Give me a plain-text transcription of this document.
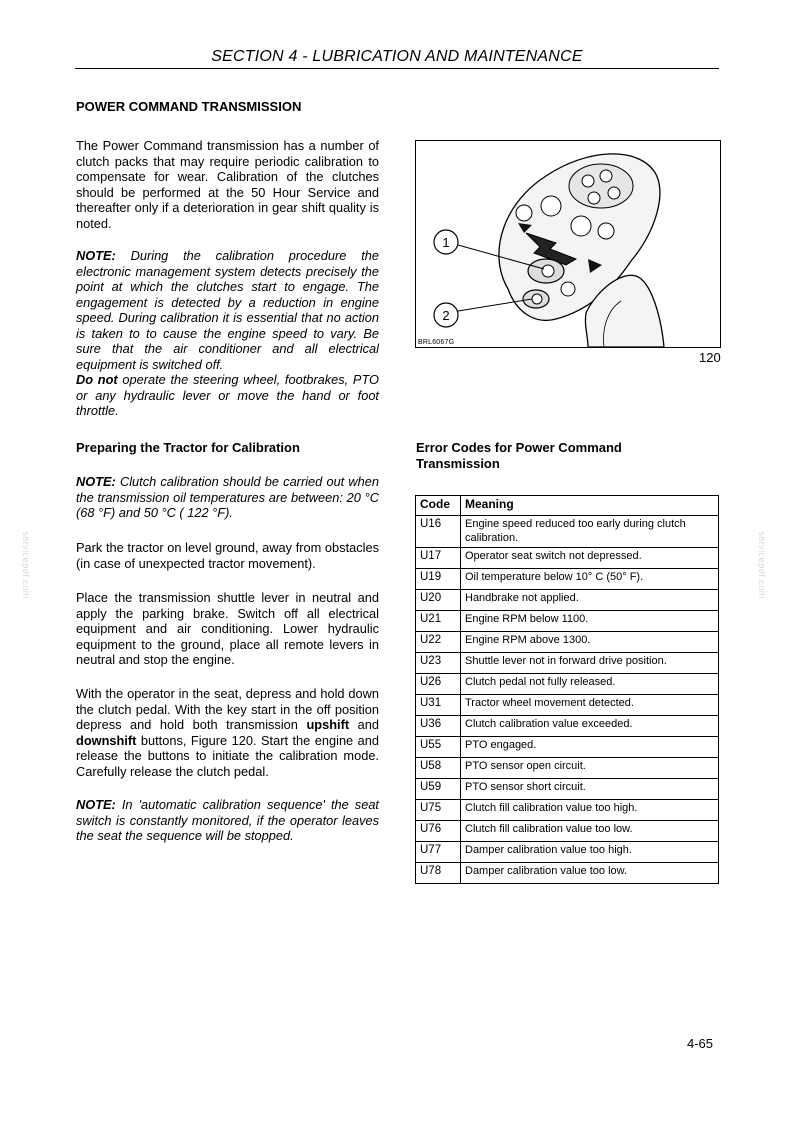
SECTION 4 - LUBRICATION AND MAINTENANCE
POWER COMMAND TRANSMISSION

The Power Command transmission has a number of clutch packs that may require periodic calibration to compensate for wear. Calibration of the clutches should be performed at the 50 Hour Service and thereafter only if a deterioration in gear shift quality is noted.

NOTE: During the calibration procedure the electronic management system detects precisely the point at which the clutches start to engage. The engagement is detected by a reduction in engine speed. During calibration it is essential that no action is taken to to cause the engine speed to vary. Be sure that the air conditioner and all electrical equipment is switched off.

Do not operate the steering wheel, footbrakes, PTO or any hydraulic lever or move the hand or foot throttle.

Preparing the Tractor for Calibration

NOTE: Clutch calibration should be carried out when the transmission oil temperatures are between: 20 °C (68 °F) and 50 °C ( 122 °F).

Park the tractor on level ground, away from obstacles (in case of unexpected tractor movement).

Place the transmission shuttle lever in neutral and apply the parking brake. Switch off all electrical equipment and air conditioning. Lower hydraulic equipment to the ground, place all remote levers in neutral and stop the engine.

With the operator in the seat, depress and hold down the clutch pedal. With the key start in the off position depress and hold both transmission upshift and downshift buttons, Figure 120. Start the engine and release the buttons to initiate the calibration mode. Carefully release the clutch pedal.

NOTE: In 'automatic calibration sequence' the seat switch is constantly monitored, if the operator leaves the seat the sequence will be stopped.

1
2
BRL6067G
120
Error Codes for Power Command Transmission
Code	Meaning
U16	Engine speed reduced too early during clutch calibration.
U17	Operator seat switch not depressed.
U19	Oil temperature below 10° C (50° F).
U20	Handbrake not applied.
U21	Engine RPM below 1100.
U22	Engine RPM above 1300.
U23	Shuttle lever not in forward drive position.
U26	Clutch pedal not fully released.
U31	Tractor wheel movement detected.
U36	Clutch calibration value exceeded.
U55	PTO engaged.
U58	PTO sensor open circuit.
U59	PTO sensor short circuit.
U75	Clutch fill calibration value too high.
U76	Clutch fill calibration value too low.
U77	Damper calibration value too high.
U78	Damper calibration value too low.
servicepdf.com	servicepdf.com
4-65
